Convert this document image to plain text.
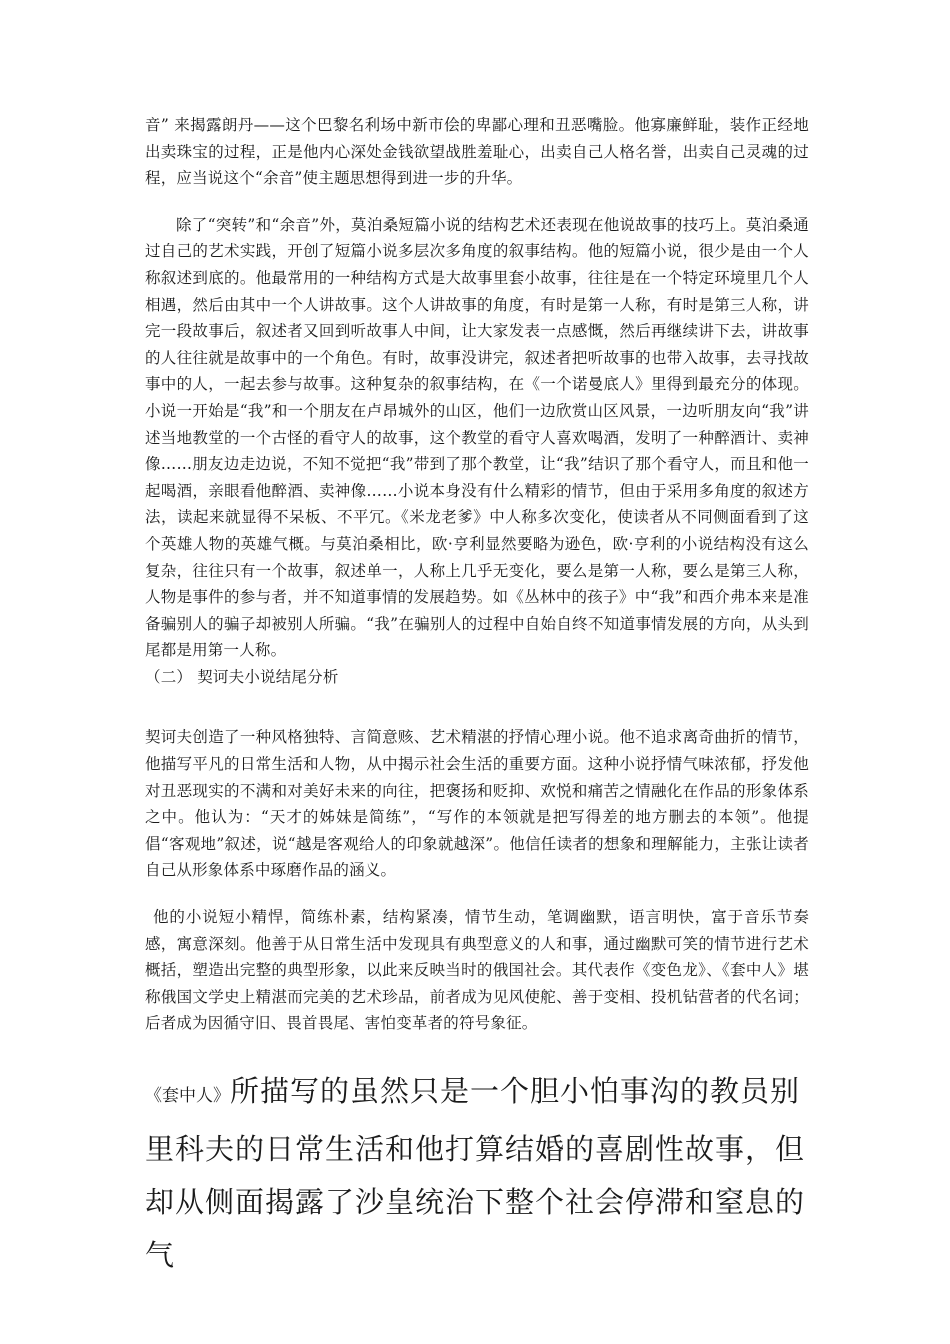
音” 来揭露朗丹——这个巴黎名利场中新市侩的卑鄙心理和丑恶嘴脸。他寡廉鲜耻，装作正经地出卖珠宝的过程，正是他内心深处金钱欲望战胜羞耻心，出卖自己人格名誉，出卖自己灵魂的过程，应当说这个“余音”使主题思想得到进一步的升华。

除了“突转”和“余音”外，莫泊桑短篇小说的结构艺术还表现在他说故事的技巧上。莫泊桑通过自己的艺术实践，开创了短篇小说多层次多角度的叙事结构。他的短篇小说，很少是由一个人称叙述到底的。他最常用的一种结构方式是大故事里套小故事，往往是在一个特定环境里几个人相遇，然后由其中一个人讲故事。这个人讲故事的角度，有时是第一人称，有时是第三人称，讲完一段故事后，叙述者又回到听故事人中间，让大家发表一点感慨，然后再继续讲下去，讲故事的人往往就是故事中的一个角色。有时，故事没讲完，叙述者把听故事的也带入故事，去寻找故事中的人，一起去参与故事。这种复杂的叙事结构，在《一个诺曼底人》里得到最充分的体现。小说一开始是“我”和一个朋友在卢昂城外的山区，他们一边欣赏山区风景，一边听朋友向“我”讲述当地教堂的一个古怪的看守人的故事，这个教堂的看守人喜欢喝酒，发明了一种醉酒计、卖神像……朋友边走边说，不知不觉把“我”带到了那个教堂，让“我”结识了那个看守人，而且和他一起喝酒，亲眼看他醉酒、卖神像……小说本身没有什么精彩的情节，但由于采用多角度的叙述方法，读起来就显得不呆板、不平冗。《米龙老爹》中人称多次变化，使读者从不同侧面看到了这个英雄人物的英雄气概。与莫泊桑相比，欧·亨利显然要略为逊色，欧·亨利的小说结构没有这么复杂，往往只有一个故事，叙述单一，人称上几乎无变化，要么是第一人称，要么是第三人称，人物是事件的参与者，并不知道事情的发展趋势。如《丛林中的孩子》中“我”和西介弗本来是准备骗别人的骗子却被别人所骗。“我”在骗别人的过程中自始自终不知道事情发展的方向，从头到尾都是用第一人称。

（二） 契诃夫小说结尾分析

契诃夫创造了一种风格独特、言简意赅、艺术精湛的抒情心理小说。他不追求离奇曲折的情节，他描写平凡的日常生活和人物，从中揭示社会生活的重要方面。这种小说抒情气味浓郁，抒发他对丑恶现实的不满和对美好未来的向往，把褒扬和贬抑、欢悦和痛苦之情融化在作品的形象体系之中。他认为：“天才的姊妹是简练”，“写作的本领就是把写得差的地方删去的本领”。他提倡“客观地”叙述，说“越是客观给人的印象就越深”。他信任读者的想象和理解能力，主张让读者自己从形象体系中琢磨作品的涵义。

他的小说短小精悍，简练朴素，结构紧凑，情节生动，笔调幽默，语言明快，富于音乐节奏感，寓意深刻。他善于从日常生活中发现具有典型意义的人和事，通过幽默可笑的情节进行艺术概括，塑造出完整的典型形象，以此来反映当时的俄国社会。其代表作《变色龙》、《套中人》堪称俄国文学史上精湛而完美的艺术珍品，前者成为见风使舵、善于变相、投机钻营者的代名词；后者成为因循守旧、畏首畏尾、害怕变革者的符号象征。

《套中人》所描写的虽然只是一个胆小怕事沟的教员别里科夫的日常生活和他打算结婚的喜剧性故事，但却从侧面揭露了沙皇统治下整个社会停滞和窒息的气
